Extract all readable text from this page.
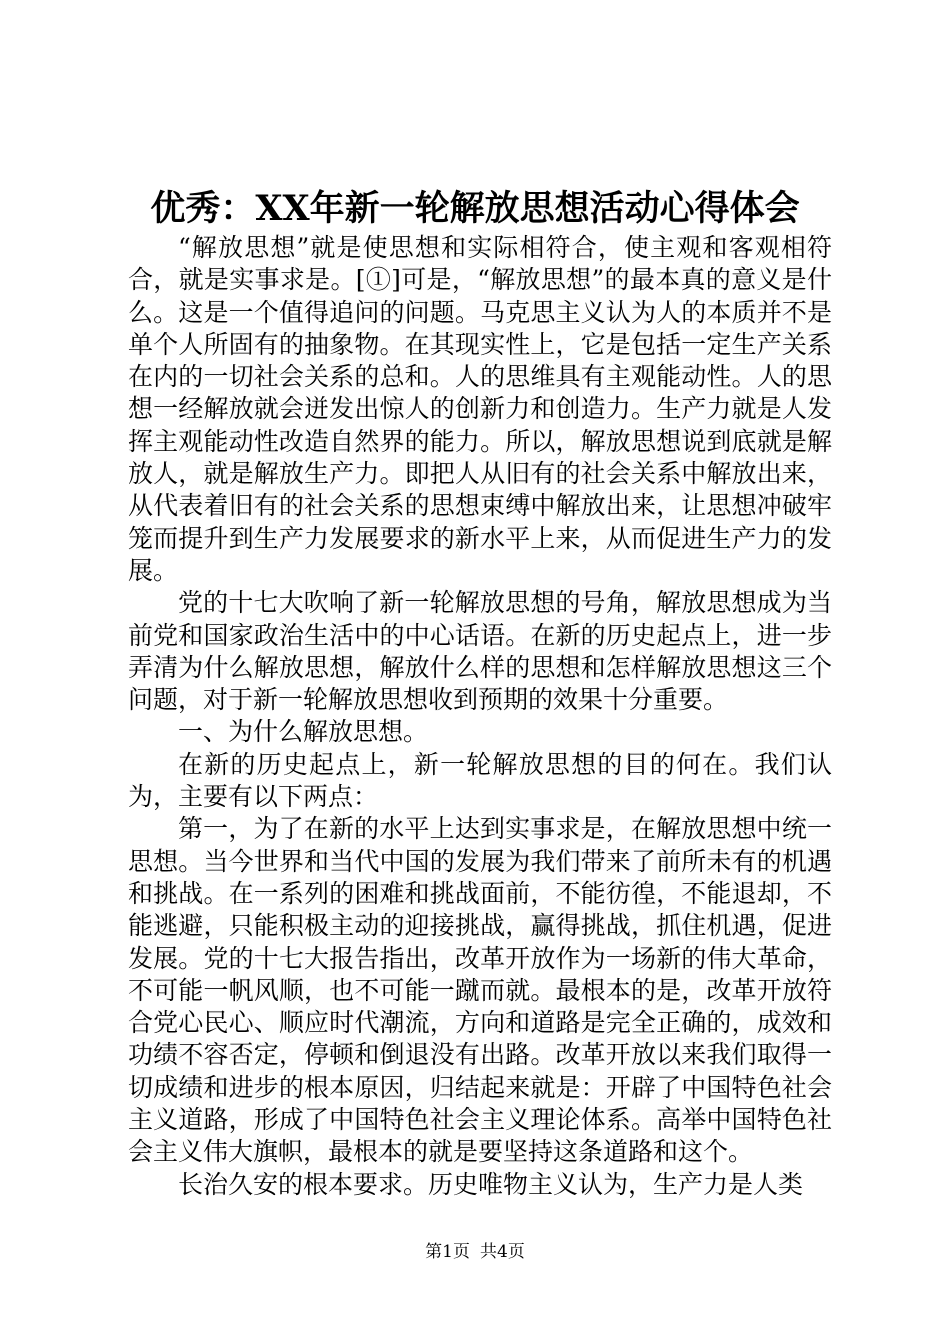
优秀：XX年新一轮解放思想活动心得体会

“解放思想”就是使思想和实际相符合，使主观和客观相符合，就是实事求是。[①]可是，“解放思想”的最本真的意义是什么。这是一个值得追问的问题。马克思主义认为人的本质并不是单个人所固有的抽象物。在其现实性上，它是包括一定生产关系在内的一切社会关系的总和。人的思维具有主观能动性。人的思想一经解放就会迸发出惊人的创新力和创造力。生产力就是人发挥主观能动性改造自然界的能力。所以，解放思想说到底就是解放人，就是解放生产力。即把人从旧有的社会关系中解放出来，从代表着旧有的社会关系的思想束缚中解放出来，让思想冲破牢笼而提升到生产力发展要求的新水平上来，从而促进生产力的发展。

党的十七大吹响了新一轮解放思想的号角，解放思想成为当前党和国家政治生活中的中心话语。在新的历史起点上，进一步弄清为什么解放思想，解放什么样的思想和怎样解放思想这三个问题，对于新一轮解放思想收到预期的效果十分重要。

一、为什么解放思想。

在新的历史起点上，新一轮解放思想的目的何在。我们认为，主要有以下两点：

第一，为了在新的水平上达到实事求是，在解放思想中统一思想。当今世界和当代中国的发展为我们带来了前所未有的机遇和挑战。在一系列的困难和挑战面前，不能彷徨，不能退却，不能逃避，只能积极主动的迎接挑战，赢得挑战，抓住机遇，促进发展。党的十七大报告指出，改革开放作为一场新的伟大革命，不可能一帆风顺，也不可能一蹴而就。最根本的是，改革开放符合党心民心、顺应时代潮流，方向和道路是完全正确的，成效和功绩不容否定，停顿和倒退没有出路。改革开放以来我们取得一切成绩和进步的根本原因，归结起来就是：开辟了中国特色社会主义道路，形成了中国特色社会主义理论体系。高举中国特色社会主义伟大旗帜，最根本的就是要坚持这条道路和这个。

长治久安的根本要求。历史唯物主义认为，生产力是人类

第1页 共4页
